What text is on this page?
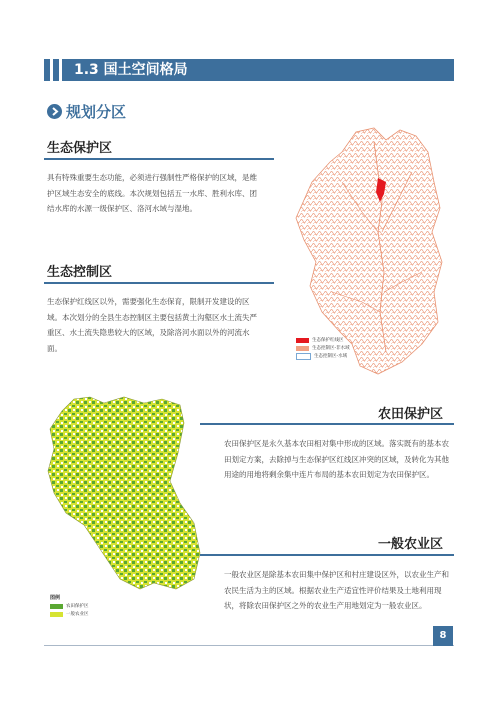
1.3 国土空间格局
规划分区
生态保护区
具有特殊重要生态功能，必须进行强制性严格保护的区域，是维护区域生态安全的底线。本次规划包括五一水库、胜利水库、团结水库的水源一级保护区、洛河水域与湿地。
生态控制区
生态保护红线区以外，需要强化生态保育，限制开发建设的区域。本次划分的全县生态控制区主要包括黄土沟壑区水土流失严重区、水土流失隐患较大的区域，及除洛河水面以外的河流水面。
生态保护红线区
生态控制区-非水域
生态控制区-水域
图例
农田保护区
一般农业区
农田保护区
农田保护区是永久基本农田相对集中形成的区域。落实既有的基本农田划定方案，去除掉与生态保护区红线区冲突的区域，及转化为其他用途的用地将剩余集中连片布局的基本农田划定为农田保护区。
一般农业区
一般农业区是除基本农田集中保护区和村庄建设区外，以农业生产和农民生活为主的区域。根据农业生产适宜性评价结果及土地利用现状，将除农田保护区之外的农业生产用地划定为一般农业区。
8
